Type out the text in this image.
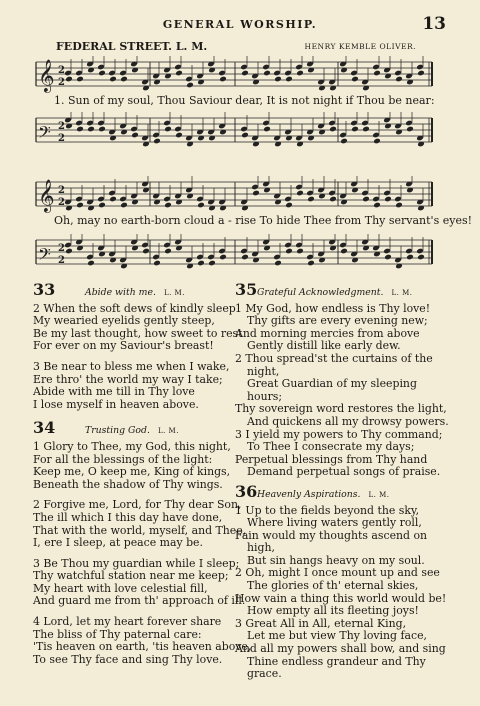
GENERAL WORSHIP.	13
FEDERAL STREET. L. M.	HENRY KEMBLE OLIVER.
𝄞 2
2
1. Sun of my soul, Thou Saviour dear, It is not night if Thou be near:
𝄢 2
2
𝄞 2
2
Oh, may no earth-born cloud a - rise To hide Thee from Thy servant's eyes!
𝄢 2
2
33	Abide with me. L. M.
2 When the soft dews of kindly sleep
My wearied eyelids gently steep,
Be my last thought, how sweet to rest
For ever on my Saviour's breast!
3 Be near to bless me when I wake,
Ere thro' the world my way I take;
Abide with me till in Thy love
I lose myself in heaven above.
34	Trusting God. L. M.
1 Glory to Thee, my God, this night,
For all the blessings of the light:
Keep me, O keep me, King of kings,
Beneath the shadow of Thy wings.
2 Forgive me, Lord, for Thy dear Son,
The ill which I this day have done,
That with the world, myself, and Thee,
I, ere I sleep, at peace may be.
3 Be Thou my guardian while I sleep;
Thy watchful station near me keep;
My heart with love celestial fill,
And guard me from th' approach of ill.
4 Lord, let my heart forever share
The bliss of Thy paternal care:
'Tis heaven on earth, 'tis heaven above,
To see Thy face and sing Thy love.
35 Grateful Acknowledgment. L. M.
1 My God, how endless is Thy love!
Thy gifts are every evening new;
And morning mercies from above
Gently distill like early dew.
2 Thou spread'st the curtains of the
night,
Great Guardian of my sleeping
hours;
Thy sovereign word restores the light,
And quickens all my drowsy powers.
3 I yield my powers to Thy command;
To Thee I consecrate my days;
Perpetual blessings from Thy hand
Demand perpetual songs of praise.
36 Heavenly Aspirations. L. M.
1 Up to the fields beyond the sky,
Where living waters gently roll,
Fain would my thoughts ascend on
high,
But sin hangs heavy on my soul.
2 Oh, might I once mount up and see
The glories of th' eternal skies,
How vain a thing this world would be!
How empty all its fleeting joys!
3 Great All in All, eternal King,
Let me but view Thy loving face,
And all my powers shall bow, and sing
Thine endless grandeur and Thy
grace.
